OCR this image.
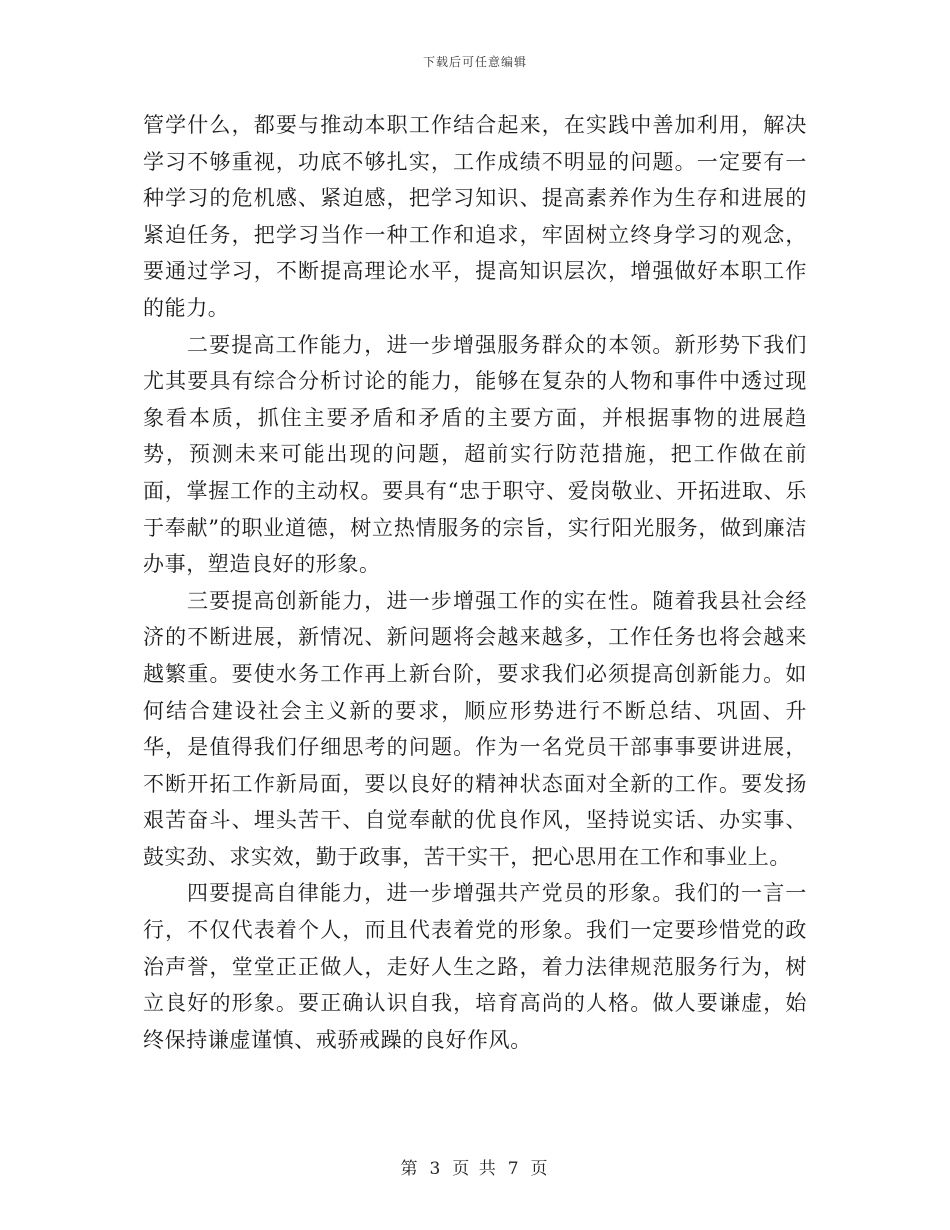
下载后可任意编辑

管学什么，都要与推动本职工作结合起来，在实践中善加利用，解决学习不够重视，功底不够扎实，工作成绩不明显的问题。一定要有一种学习的危机感、紧迫感，把学习知识、提高素养作为生存和进展的紧迫任务，把学习当作一种工作和追求，牢固树立终身学习的观念，要通过学习，不断提高理论水平，提高知识层次，增强做好本职工作的能力。

二要提高工作能力，进一步增强服务群众的本领。新形势下我们尤其要具有综合分析讨论的能力，能够在复杂的人物和事件中透过现象看本质，抓住主要矛盾和矛盾的主要方面，并根据事物的进展趋势，预测未来可能出现的问题，超前实行防范措施，把工作做在前面，掌握工作的主动权。要具有“忠于职守、爱岗敬业、开拓进取、乐于奉献”的职业道德，树立热情服务的宗旨，实行阳光服务，做到廉洁办事，塑造良好的形象。

三要提高创新能力，进一步增强工作的实在性。随着我县社会经济的不断进展，新情况、新问题将会越来越多，工作任务也将会越来越繁重。要使水务工作再上新台阶，要求我们必须提高创新能力。如何结合建设社会主义新的要求，顺应形势进行不断总结、巩固、升华，是值得我们仔细思考的问题。作为一名党员干部事事要讲进展，不断开拓工作新局面，要以良好的精神状态面对全新的工作。要发扬艰苦奋斗、埋头苦干、自觉奉献的优良作风，坚持说实话、办实事、鼓实劲、求实效，勤于政事，苦干实干，把心思用在工作和事业上。

四要提高自律能力，进一步增强共产党员的形象。我们的一言一行，不仅代表着个人，而且代表着党的形象。我们一定要珍惜党的政治声誉，堂堂正正做人，走好人生之路，着力法律规范服务行为，树立良好的形象。要正确认识自我，培育高尚的人格。做人要谦虚，始终保持谦虚谨慎、戒骄戒躁的良好作风。

第 3 页 共 7 页
